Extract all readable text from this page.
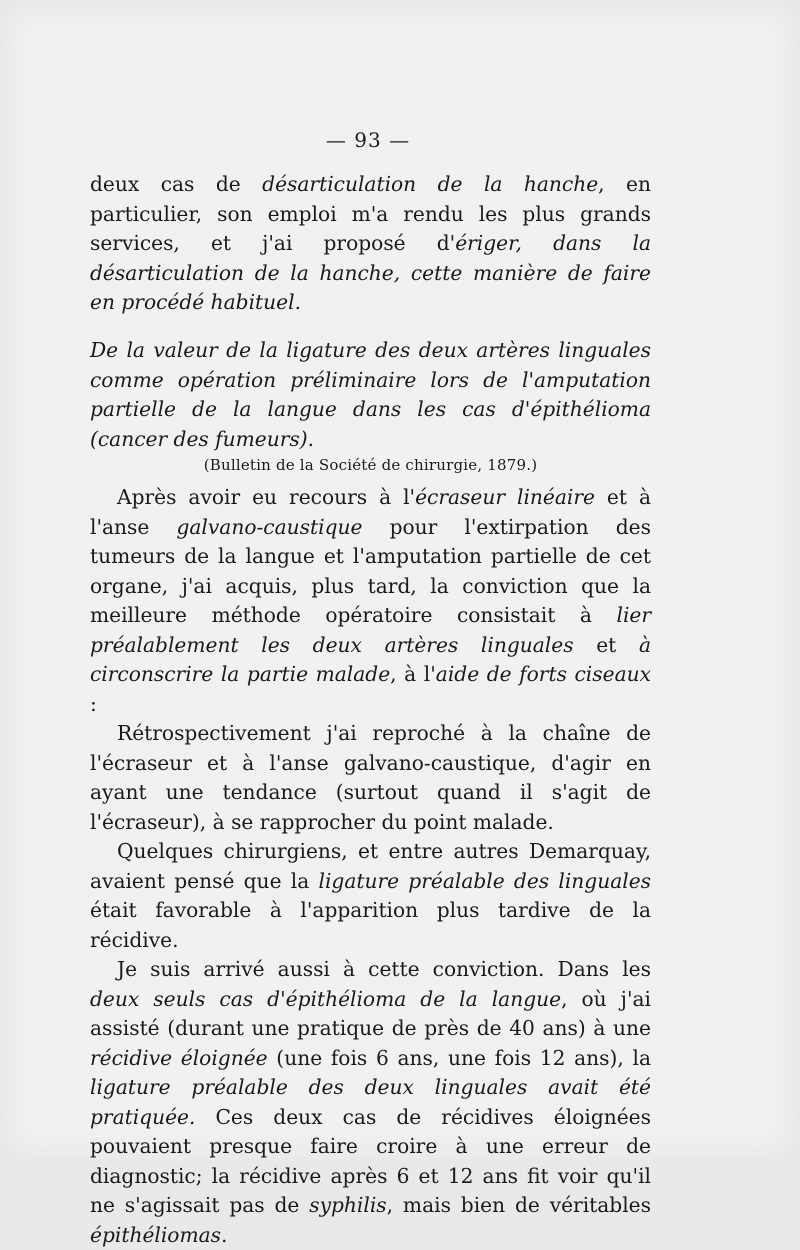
— 93 —

deux cas de désarticulation de la hanche, en particulier, son emploi m'a rendu les plus grands services, et j'ai proposé d'ériger, dans la désarticulation de la hanche, cette manière de faire en procédé habituel.

De la valeur de la ligature des deux artères linguales comme opération préliminaire lors de l'amputation partielle de la langue dans les cas d'épithélioma (cancer des fumeurs).

(Bulletin de la Société de chirurgie, 1879.)

Après avoir eu recours à l'écraseur linéaire et à l'anse galvano-caustique pour l'extirpation des tumeurs de la langue et l'amputation partielle de cet organe, j'ai acquis, plus tard, la conviction que la meilleure méthode opératoire consistait à lier préalablement les deux artères linguales et à circonscrire la partie malade, à l'aide de forts ciseaux :

Rétrospectivement j'ai reproché à la chaîne de l'écraseur et à l'anse galvano-caustique, d'agir en ayant une tendance (surtout quand il s'agit de l'écraseur), à se rapprocher du point malade.

Quelques chirurgiens, et entre autres Demarquay, avaient pensé que la ligature préalable des linguales était favorable à l'apparition plus tardive de la récidive.

Je suis arrivé aussi à cette conviction. Dans les deux seuls cas d'épithélioma de la langue, où j'ai assisté (durant une pratique de près de 40 ans) à une récidive éloignée (une fois 6 ans, une fois 12 ans), la ligature préalable des deux linguales avait été pratiquée. Ces deux cas de récidives éloignées pouvaient presque faire croire à une erreur de diagnostic; la récidive après 6 et 12 ans fit voir qu'il ne s'agissait pas de syphilis, mais bien de véritables épithéliomas.
